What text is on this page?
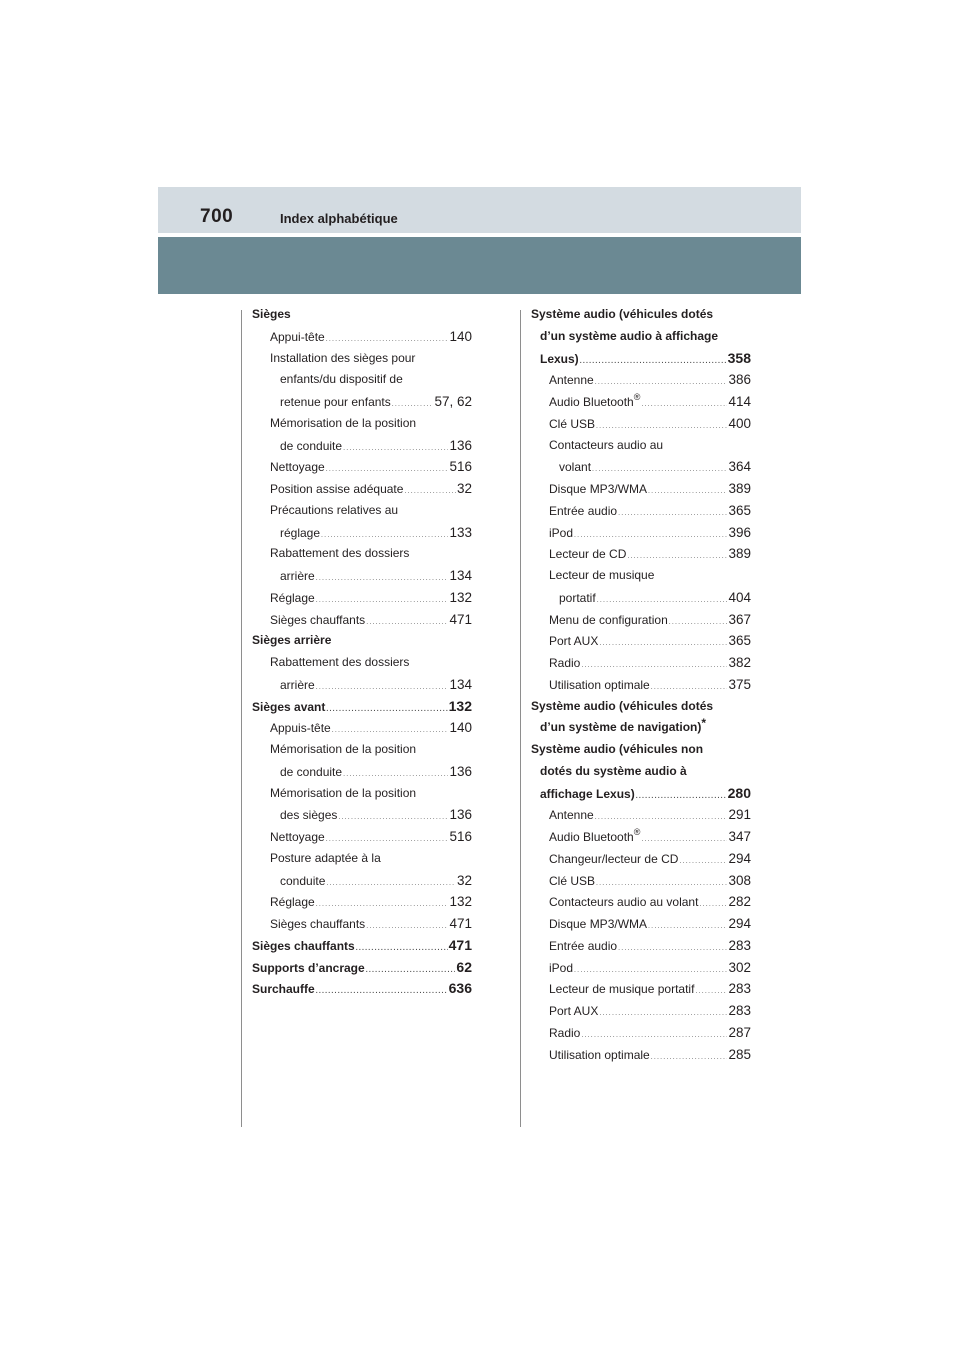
700	Index alphabétique
Sièges
Appui-tête .....	140
Installation des sièges pour
enfants/du dispositif de
retenue pour enfants .....	57, 62
Mémorisation de la position
de conduite .....	136
Nettoyage .....	516
Position assise adéquate .....	32
Précautions relatives au
réglage .....	133
Rabattement des dossiers
arrière .....	134
Réglage .....	132
Sièges chauffants .....	471
Sièges arrière
Rabattement des dossiers
arrière .....	134
Sièges avant .....	132
Appuis-tête .....	140
Mémorisation de la position
de conduite .....	136
Mémorisation de la position
des sièges .....	136
Nettoyage .....	516
Posture adaptée à la
conduite .....	32
Réglage .....	132
Sièges chauffants .....	471
Sièges chauffants .....	471
Supports d’ancrage .....	62
Surchauffe .....	636
Système audio (véhicules dotés
d’un système audio à affichage
Lexus) .....	358
Antenne .....	386
Audio Bluetooth® .....	414
Clé USB .....	400
Contacteurs audio au
volant .....	364
Disque MP3/WMA .....	389
Entrée audio .....	365
iPod .....	396
Lecteur de CD .....	389
Lecteur de musique
portatif .....	404
Menu de configuration .....	367
Port AUX .....	365
Radio .....	382
Utilisation optimale .....	375
Système audio (véhicules dotés
d’un système de navigation)*
Système audio (véhicules non
dotés du système audio à
affichage Lexus) .....	280
Antenne .....	291
Audio Bluetooth® .....	347
Changeur/lecteur de CD .....	294
Clé USB .....	308
Contacteurs audio au volant ..... 282
Disque MP3/WMA .....	294
Entrée audio .....	283
iPod .....	302
Lecteur de musique portatif .....	283
Port AUX .....	283
Radio .....	287
Utilisation optimale .....	285
